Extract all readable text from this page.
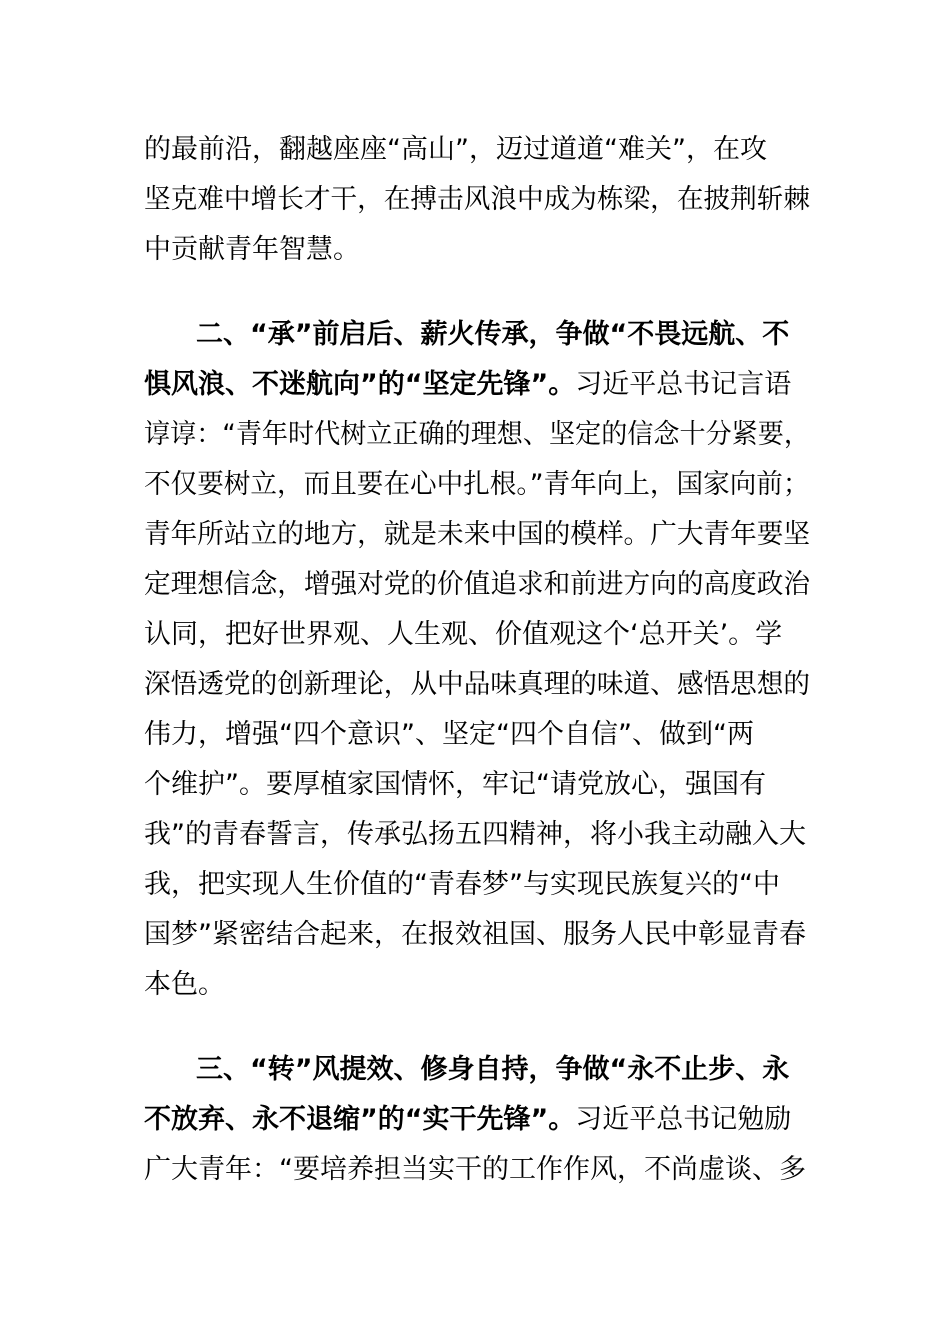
的最前沿，翻越座座“高山”，迈过道道“难关”，在攻
坚克难中增长才干，在搏击风浪中成为栋梁，在披荆斩棘
中贡献青年智慧。
二、“承”前启后、薪火传承，争做“不畏远航、不
惧风浪、不迷航向”的“坚定先锋”。习近平总书记言语
谆谆：“青年时代树立正确的理想、坚定的信念十分紧要，
不仅要树立，而且要在心中扎根。”青年向上，国家向前；
青年所站立的地方，就是未来中国的模样。广大青年要坚
定理想信念，增强对党的价值追求和前进方向的高度政治
认同，把好世界观、人生观、价值观这个‘总开关’。学
深悟透党的创新理论，从中品味真理的味道、感悟思想的
伟力，增强“四个意识”、坚定“四个自信”、做到“两
个维护”。要厚植家国情怀，牢记“请党放心，强国有
我”的青春誓言，传承弘扬五四精神，将小我主动融入大
我，把实现人生价值的“青春梦”与实现民族复兴的“中
国梦”紧密结合起来，在报效祖国、服务人民中彰显青春
本色。
三、“转”风提效、修身自持，争做“永不止步、永
不放弃、永不退缩”的“实干先锋”。习近平总书记勉励
广大青年：“要培养担当实干的工作作风，不尚虚谈、多
